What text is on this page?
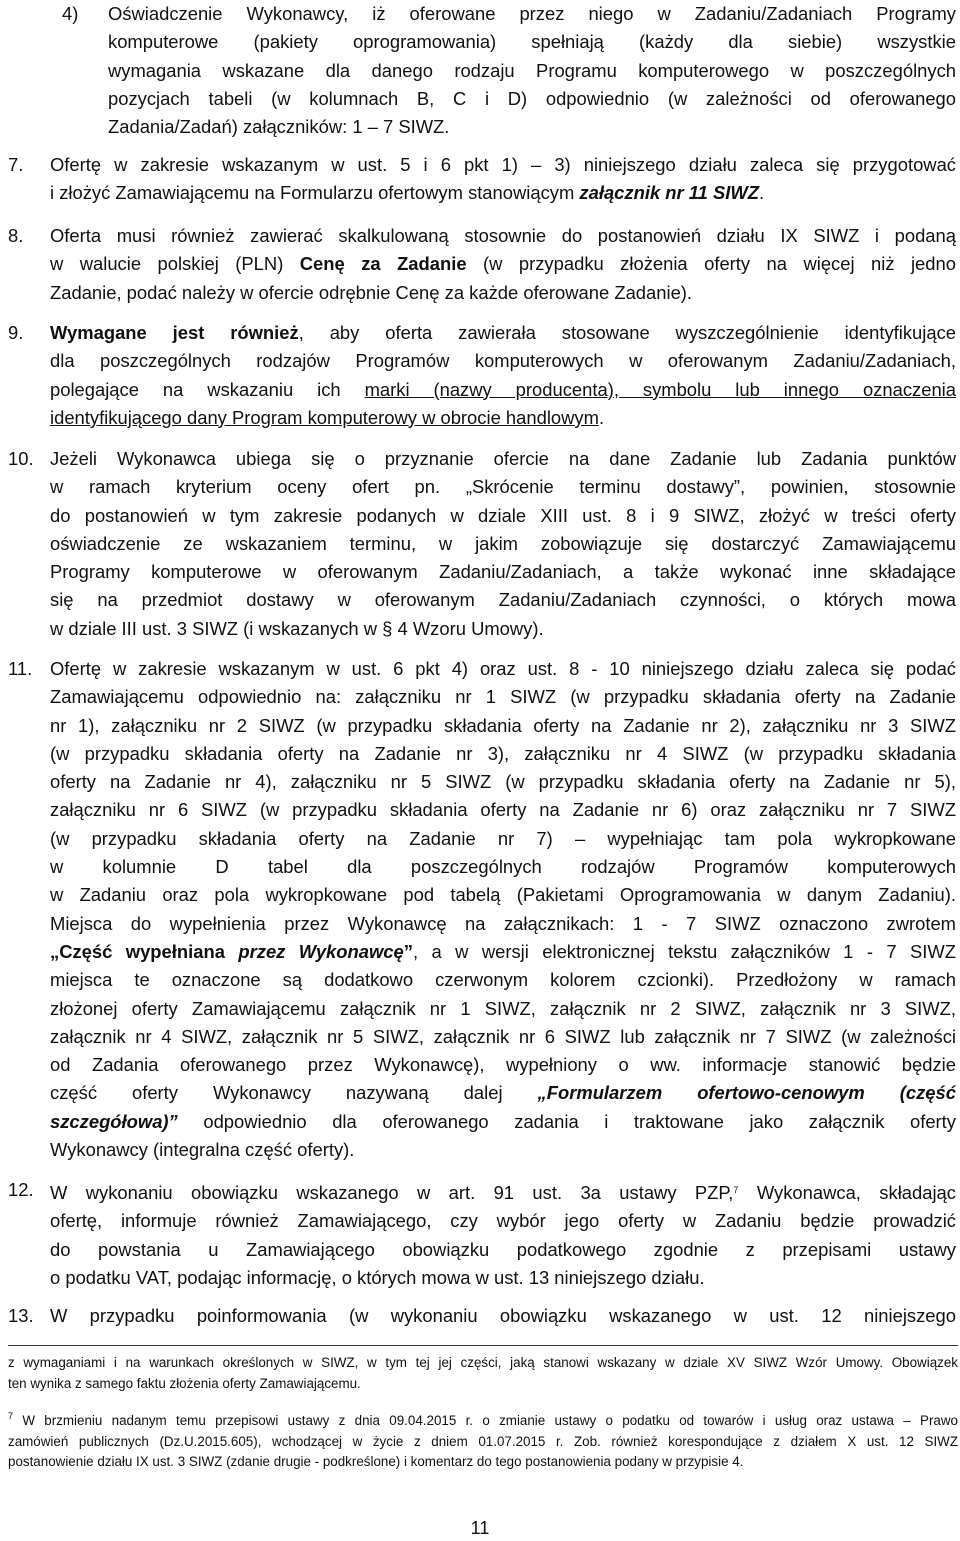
4) Oświadczenie Wykonawcy, iż oferowane przez niego w Zadaniu/Zadaniach Programy
komputerowe (pakiety oprogramowania) spełniają (każdy dla siebie) wszystkie
wymagania wskazane dla danego rodzaju Programu komputerowego w poszczególnych
pozycjach tabeli (w kolumnach B, C i D) odpowiednio (w zależności od oferowanego
Zadania/Zadań) załączników: 1 – 7 SIWZ.

7. Ofertę w zakresie wskazanym w ust. 5 i 6 pkt 1) – 3) niniejszego działu zaleca się przygotować
i złożyć Zamawiającemu na Formularzu ofertowym stanowiącym załącznik nr 11 SIWZ.

8. Oferta musi również zawierać skalkulowaną stosownie do postanowień działu IX SIWZ i podaną
w walucie polskiej (PLN) Cenę za Zadanie (w przypadku złożenia oferty na więcej niż jedno
Zadanie, podać należy w ofercie odrębnie Cenę za każde oferowane Zadanie).

9. Wymagane jest również, aby oferta zawierała stosowane wyszczególnienie identyfikujące
dla poszczególnych rodzajów Programów komputerowych w oferowanym Zadaniu/Zadaniach,
polegające na wskazaniu ich marki (nazwy producenta), symbolu lub innego oznaczenia
identyfikującego dany Program komputerowy w obrocie handlowym.

10. Jeżeli Wykonawca ubiega się o przyznanie ofercie na dane Zadanie lub Zadania punktów
w ramach kryterium oceny ofert pn. „Skrócenie terminu dostawy”, powinien, stosownie
do postanowień w tym zakresie podanych w dziale XIII ust. 8 i 9 SIWZ, złożyć w treści oferty
oświadczenie ze wskazaniem terminu, w jakim zobowiązuje się dostarczyć Zamawiającemu
Programy komputerowe w oferowanym Zadaniu/Zadaniach, a także wykonać inne składające
się na przedmiot dostawy w oferowanym Zadaniu/Zadaniach czynności, o których mowa
w dziale III ust. 3 SIWZ (i wskazanych w § 4 Wzoru Umowy).

11. Ofertę w zakresie wskazanym w ust. 6 pkt 4) oraz ust. 8 - 10 niniejszego działu zaleca się podać
Zamawiającemu odpowiednio na: załączniku nr 1 SIWZ (w przypadku składania oferty na Zadanie
nr 1), załączniku nr 2 SIWZ (w przypadku składania oferty na Zadanie nr 2), załączniku nr 3 SIWZ
(w przypadku składania oferty na Zadanie nr 3), załączniku nr 4 SIWZ (w przypadku składania
oferty na Zadanie nr 4), załączniku nr 5 SIWZ (w przypadku składania oferty na Zadanie nr 5),
załączniku nr 6 SIWZ (w przypadku składania oferty na Zadanie nr 6) oraz załączniku nr 7 SIWZ
(w przypadku składania oferty na Zadanie nr 7) – wypełniając tam pola wykropkowane
w kolumnie D tabel dla poszczególnych rodzajów Programów komputerowych
w Zadaniu oraz pola wykropkowane pod tabelą (Pakietami Oprogramowania w danym Zadaniu).
Miejsca do wypełnienia przez Wykonawcę na załącznikach: 1 - 7 SIWZ oznaczono zwrotem
„Część wypełniana przez Wykonawcę”, a w wersji elektronicznej tekstu załączników 1 - 7 SIWZ
miejsca te oznaczone są dodatkowo czerwonym kolorem czcionki). Przedłożony w ramach
złożonej oferty Zamawiającemu załącznik nr 1 SIWZ, załącznik nr 2 SIWZ, załącznik nr 3 SIWZ,
załącznik nr 4 SIWZ, załącznik nr 5 SIWZ, załącznik nr 6 SIWZ lub załącznik nr 7 SIWZ (w zależności
od Zadania oferowanego przez Wykonawcę), wypełniony o ww. informacje stanowić będzie
część oferty Wykonawcy nazywaną dalej „Formularzem ofertowo-cenowym (część
szczegółowa)” odpowiednio dla oferowanego zadania i traktowane jako załącznik oferty
Wykonawcy (integralna część oferty).

12. W wykonaniu obowiązku wskazanego w art. 91 ust. 3a ustawy PZP,$^7$ Wykonawca, składając
ofertę, informuje również Zamawiającego, czy wybór jego oferty w Zadaniu będzie prowadzić
do powstania u Zamawiającego obowiązku podatkowego zgodnie z przepisami ustawy
o podatku VAT, podając informację, o których mowa w ust. 13 niniejszego działu.

13. W przypadku poinformowania (w wykonaniu obowiązku wskazanego w ust. 12 niniejszego

z wymaganiami i na warunkach określonych w SIWZ, w tym tej jej części, jaką stanowi wskazany w dziale XV SIWZ Wzór Umowy. Obowiązek
ten wynika z samego faktu złożenia oferty Zamawiającemu.
$^7$ W brzmieniu nadanym temu przepisowi ustawy z dnia 09.04.2015 r. o zmianie ustawy o podatku od towarów i usług oraz ustawa – Prawo
zamówień publicznych (Dz.U.2015.605), wchodzącej w życie z dniem 01.07.2015 r. Zob. również korespondujące z działem X ust. 12 SIWZ
postanowienie działu IX ust. 3 SIWZ (zdanie drugie - podkreślone) i komentarz do tego postanowienia podany w przypisie 4.
11
